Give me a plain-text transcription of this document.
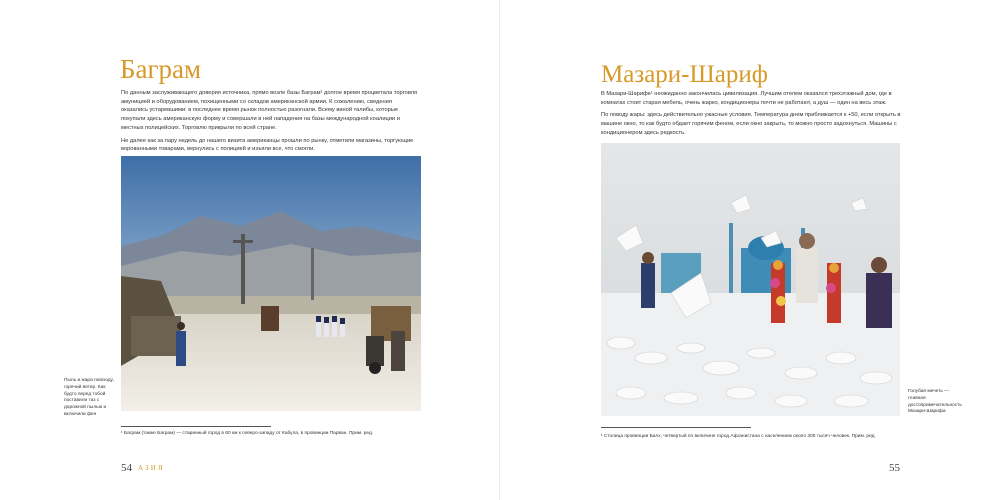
Баграм

По данным заслуживающего доверия источника, прямо возле базы Баграм¹ долгое время процветала торговля амуницией и оборудованием, похищенными со складов американской армии. К сожалению, сведения оказались устаревшими: в последнее время рынок полностью разогнали. Всему виной талибы, которые покупали здесь американскую форму и совершали в ней нападения на базы международной коалиции и местных полицейских. Торговлю прикрыли по всей стране.

Не далее как за пару недель до нашего визита американцы прошли по рынку, отметили магазины, торгующие ворованными товарами, вернулись с полицией и изъяли все, что смогли.

Пыль и жара повсюду, горячий ветер. Как будто перед тобой поставили таз с дорожной пылью и включили фен
¹ Баграм (также Баграм) — старинный город в 60 км к северо-западу от Кабула, в провинции Парван. Прим. ред.
54 АЗИЯ
Мазари-Шариф

В Мазари-Шарифе¹ неожиданно закончилась цивилизация. Лучшим отелем оказался трехэтажный дом, где в комнатах стоит старая мебель, очень жарко, кондиционеры почти не работают, а душ — один на весь этаж.

По поводу жары: здесь действительно ужасные условия. Температура днем приближается к +50, если открыть в машине окно, то как будто обдает горячим феном, если окно закрыть, то можно просто задохнуться. Машины с кондиционером здесь редкость.

Голубая мечеть — главная достопримечательность Мазари-Шарифа
¹ Столица провинции Балх, четвертый по величине город Афганистана с населением около 300 тысяч человек. Прим. ред.
55
